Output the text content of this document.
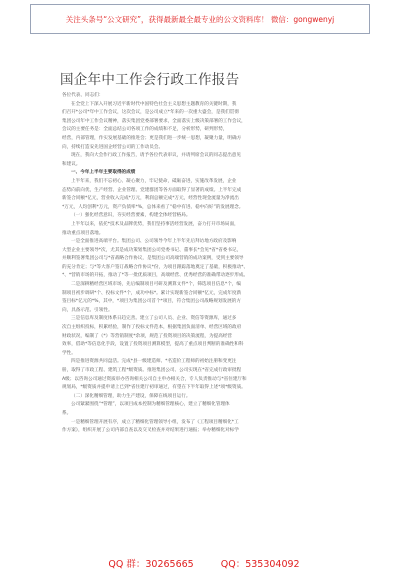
关注头条号“公文研究”，获得最新最全最专业的公文资料库！ 微信：gongwenyj
国企年中工作会行政工作报告
各位代表、同志们：
在全党上下深入开展习近平新时代中国特色社会主义思想主题教育的关键时期，我
们召开*公司*年中工作会议，这次会议，是公司成立*年来的一次重大盛会，是我们贯彻
集团公司年中工作会议精神，落实集团党委部署要求，全面落实上级决策部署的工作会议，
会议的主要任务是：全面总结公司各项工作的成绩和不足，分析形势，研判形势，
经营，内部管理，作实发展基础的推进会；更是我们进一步统一思想，凝聚力量，明确方
向，持续打造安先进国企经营公司的工作动员会。
现在，我向大会作行政工作报告，请予各位代表审议，并请列席会议的同志提出意见
和建议。
一、今年上半年主要取得的成绩
上半年来，我们不忘初心、凝心聚力，牢记使命，砥砺奋进，实施改革发展，企业
态势向前向优，生产经营、企业管理、党建群团等各方面取得了显著的成绩。上半年完成
新签合同额*亿元，营业收入完成*万元，利润总额完成*万元，经营性现金流量为净流出
*万元，人均创利*万元，资产负债率*%，总体来看了“稳中有进、稳中向好”的发展理念。
（一）强化经营意识，夯实经营要素，构建全体经营格局。
上半年以来，依托*技术及品牌优势，我们坚持事活经营发展，奋力打开市场局面，
推动重点项目落地。
一是全面推进高端平台。集团公司、公司领导今年上半年先后拜访地方政府及影响
大型企业主要领导*次，尤其是成功策划集团公司党委书记、董事长*会见*省*省委书记，
并顺利签署集团公司与*省战略合作协议，是集团公司高端营销的成功案例，受到主要领导
的充分肯定；与*等大客户签订战略合作协议*份，为项目跟踪落地奠定了基础，积极推动*、
*、*营销市场的开拓，推动了*等一批优质项目，高端经营、优秀经营的准确带动逐步形成。
二是深耕精经营区域市场，先后编制项目可研及测算文件*个，筛选项目信息*个，编
制项目初步调研*个、投标文件*个，成功中标*。累计实现新签合同额*亿元，完成年度新
签目标*亿元的*%，其中，*项目为集团公司首个*项目，符合集团公司战略规划发展的方
向，具备示范、引领性。
三是信息库及制度体系日趋完善。建立了公司人员、企业、资信等资源库，通过多
次自主组织投标，积累经验，制作了投标文件范本，根据集团负面清单、经营区域的政府
财政状况，编制了《*》等营销制度*余项，规范了投资项目的决策流程，为提高经营
效率，借助*等信息化手段，设置了投资项目测算模型，提高了重点项目判断的准确性和科
学性。
四是推进资源共同盘活。完成*县一级建造师、*名造价工程师的初始注册和变更注
册，取得了市政工程、建筑工程*级资质。推进集团公司、公司实现在*省完成行政审批程
A级；以咨询公司通过资质审办咨询相关公司自主申办相关合，专人负责推动与*省住建厅和
规划局，*级资质并提申请上已到*省住建厅初审通过，有望在下半年取得上述*项*级资质。
（二）深化精细管理，助力生产建设，保障在线项目运行。
公司紧紧围绕“*管理”，以项目成本控制为精细管理核心，建立了精细化管理体
系。
一是精细管理开展有序，成立了精细化管理领导小组，发布了《工程项目精细化*工
作方案》，组织开展了公司内部自查以及交叉检查并对结果进行通报；举办精细化对标学
QQ 群：30265665	QQ：535304092
